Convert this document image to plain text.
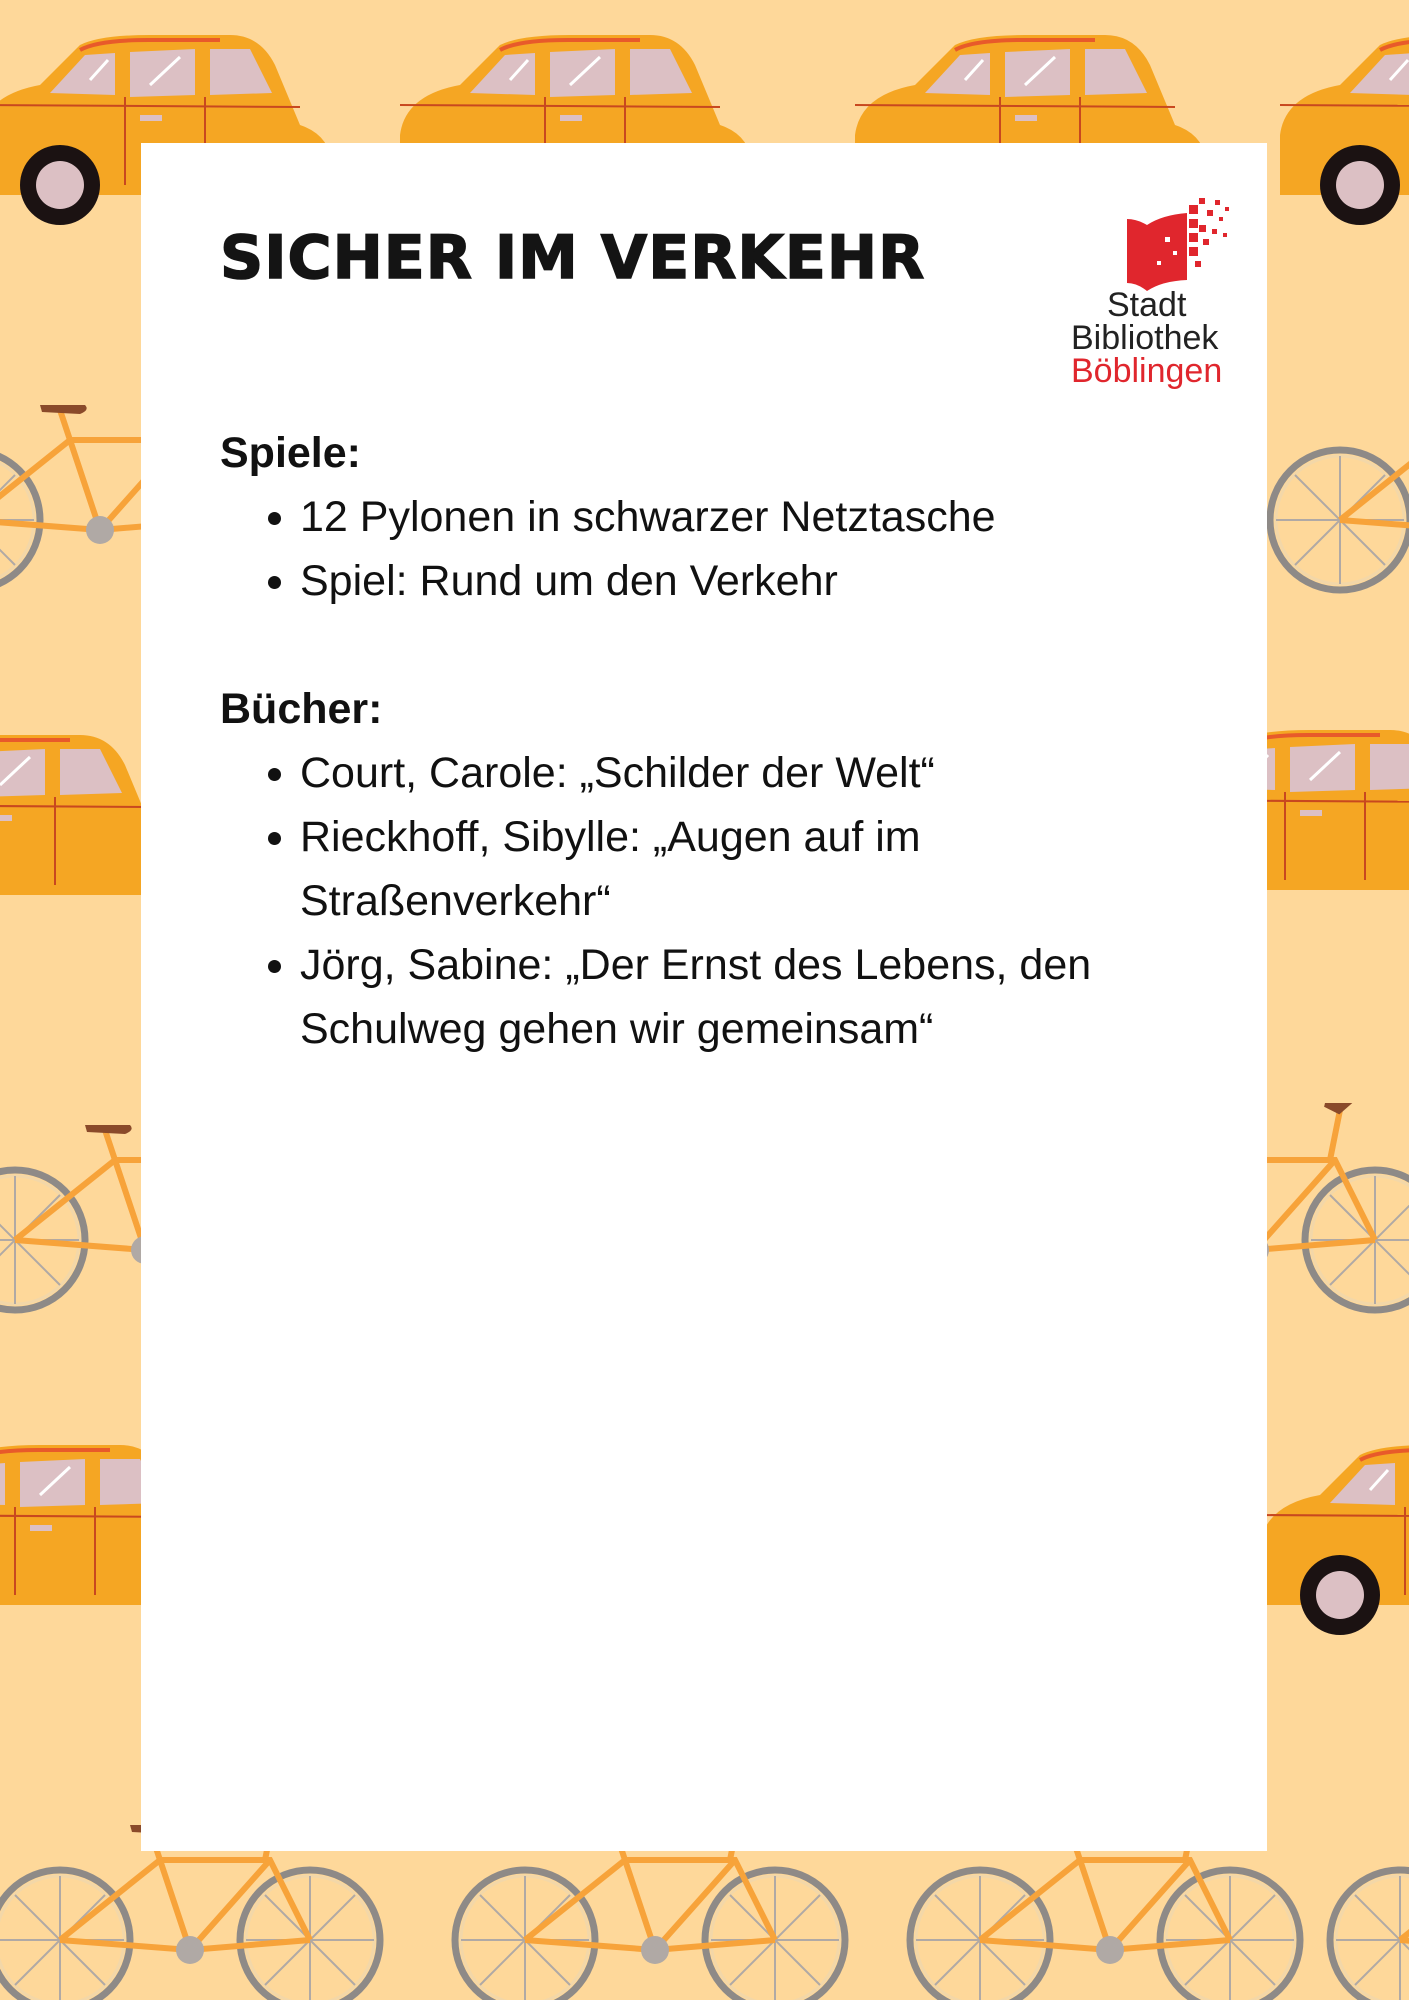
SICHER IM VERKEHR
Stadt
Bibliothek
Böblingen

Spiele:

• 12 Pylonen in schwarzer Netztasche
• Spiel: Rund um den Verkehr

Bücher:

• Court, Carole: „Schilder der Welt“
• Rieckhoff, Sibylle: „Augen auf im Straßenverkehr“
• Jörg, Sabine: „Der Ernst des Lebens, den Schulweg gehen wir gemeinsam“
